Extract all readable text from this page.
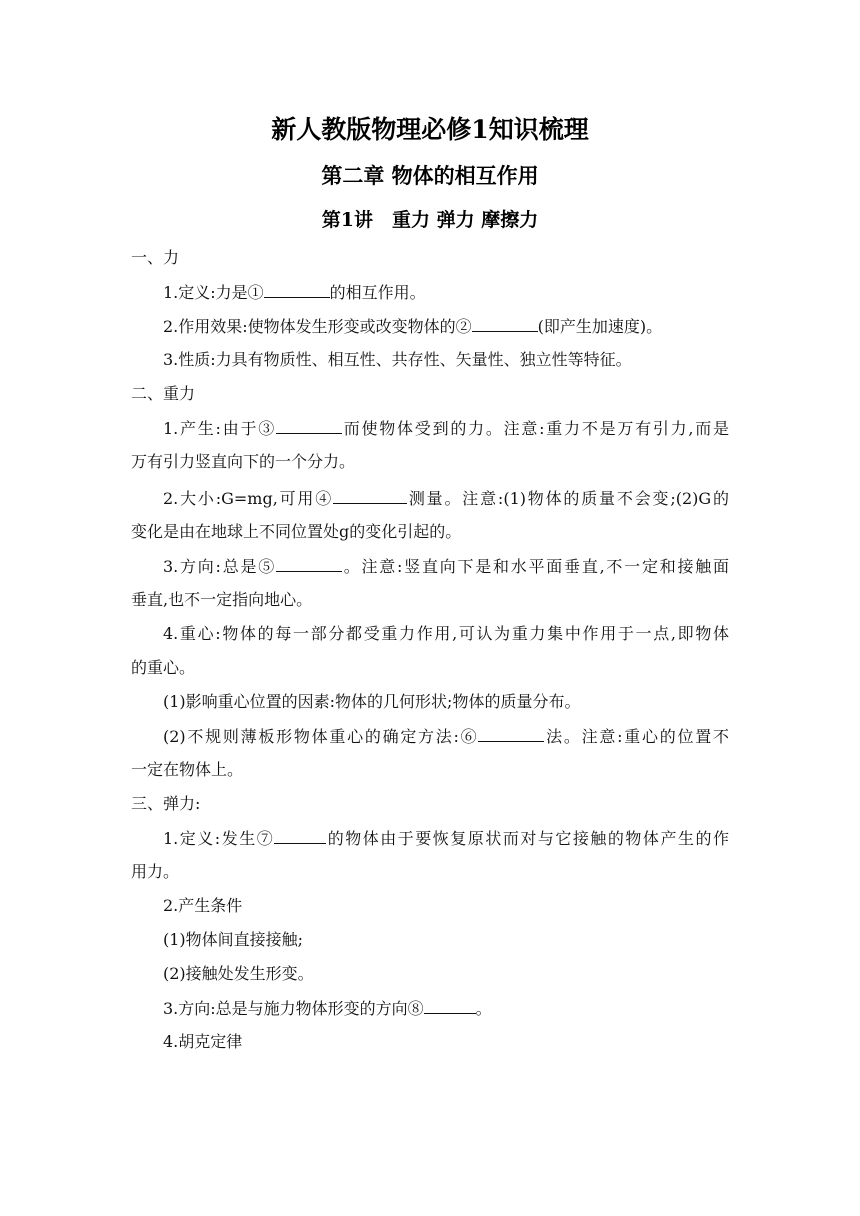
新人教版物理必修1知识梳理
第二章 物体的相互作用
第1讲　重力 弹力 摩擦力
一、力
1.定义:力是①	的相互作用。
2.作用效果:使物体发生形变或改变物体的②	(即产生加速度)。
3.性质:力具有物质性、相互性、共存性、矢量性、独立性等特征。
二、重力
1.产生:由于③	而使物体受到的力。注意:重力不是万有引力,而是
万有引力竖直向下的一个分力。
2.大小:G=mg,可用④	测量。注意:(1)物体的质量不会变;(2)G的
变化是由在地球上不同位置处g的变化引起的。
3.方向:总是⑤	。注意:竖直向下是和水平面垂直,不一定和接触面
垂直,也不一定指向地心。
4.重心:物体的每一部分都受重力作用,可认为重力集中作用于一点,即物体
的重心。
(1)影响重心位置的因素:物体的几何形状;物体的质量分布。
(2)不规则薄板形物体重心的确定方法:⑥	法。注意:重心的位置不
一定在物体上。
三、弹力:
1.定义:发生⑦	的物体由于要恢复原状而对与它接触的物体产生的作
用力。
2.产生条件
(1)物体间直接接触;
(2)接触处发生形变。
3.方向:总是与施力物体形变的方向⑧	。
4.胡克定律
